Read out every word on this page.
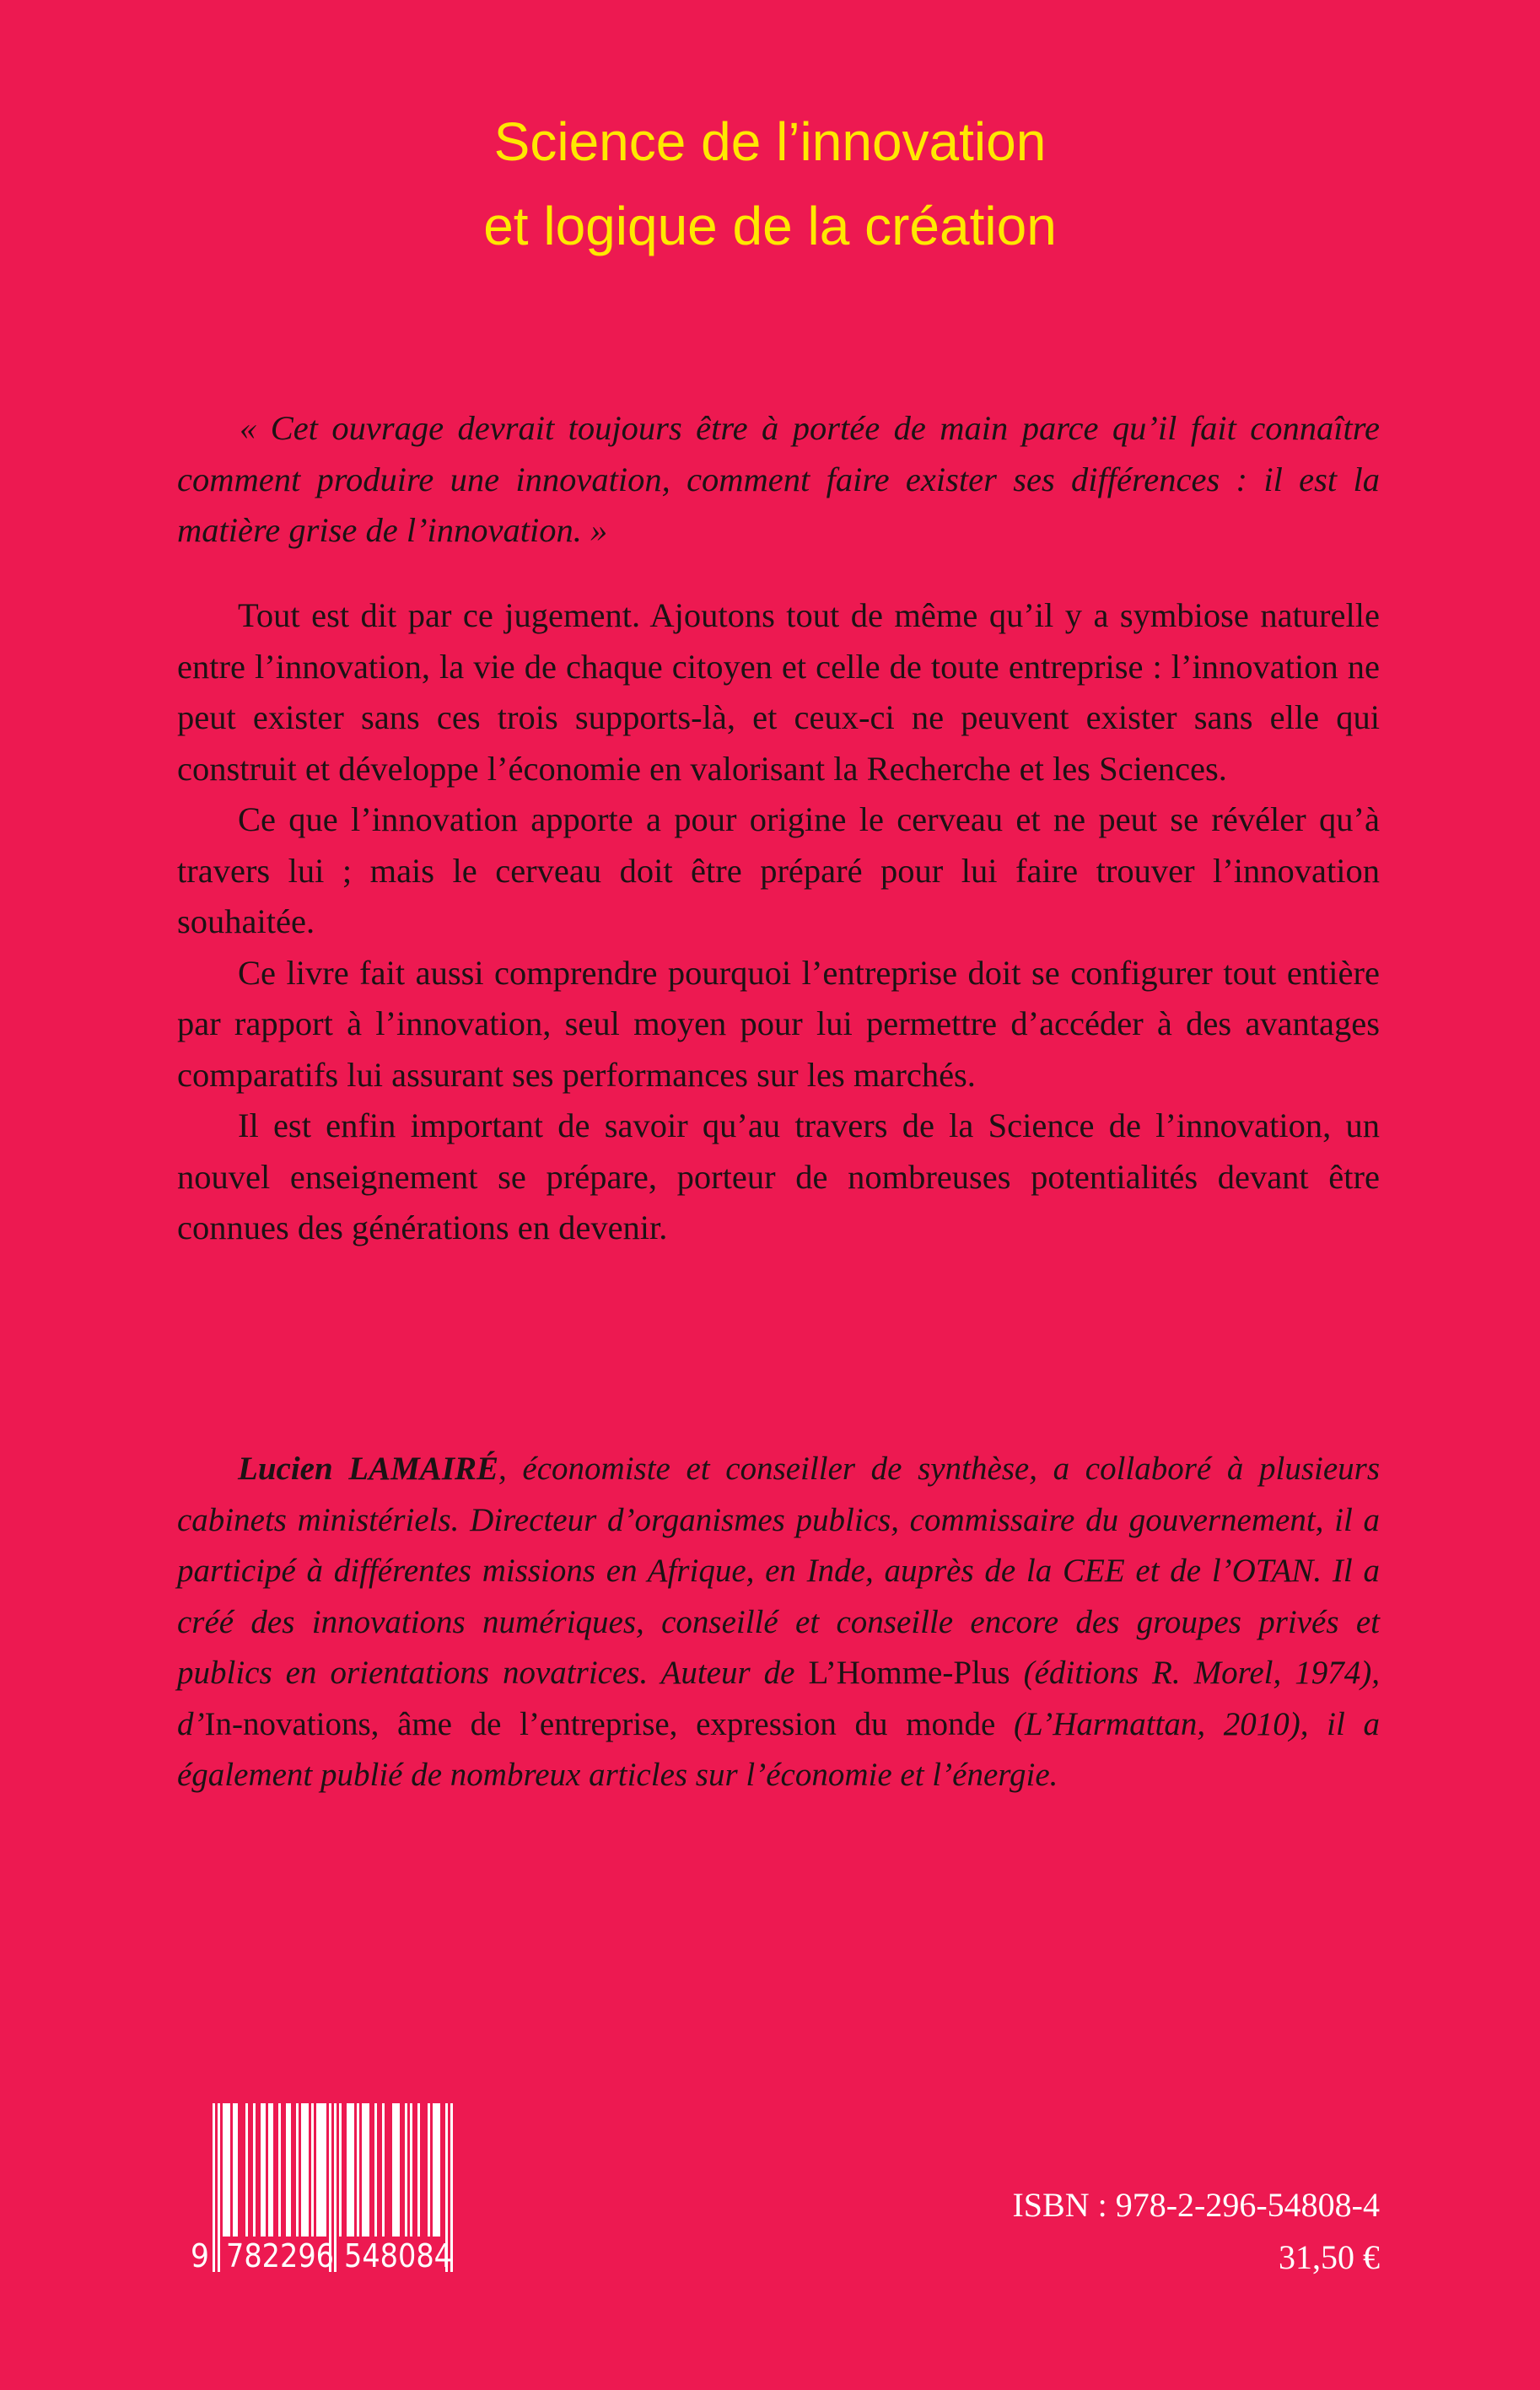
Science de l’innovation
et logique de la création
« Cet ouvrage devrait toujours être à portée de main parce qu’il fait connaître comment produire une innovation, comment faire exister ses différences : il est la matière grise de l’innovation. »

Tout est dit par ce jugement. Ajoutons tout de même qu’il y a symbiose naturelle entre l’innovation, la vie de chaque citoyen et celle de toute entreprise : l’innovation ne peut exister sans ces trois supports-là, et ceux-ci ne peuvent exister sans elle qui construit et développe l’économie en valorisant la Recherche et les Sciences.

Ce que l’innovation apporte a pour origine le cerveau et ne peut se révéler qu’à travers lui ; mais le cerveau doit être préparé pour lui faire trouver l’innovation souhaitée.

Ce livre fait aussi comprendre pourquoi l’entreprise doit se configurer tout entière par rapport à l’innovation, seul moyen pour lui permettre d’accéder à des avantages comparatifs lui assurant ses performances sur les marchés.

Il est enfin important de savoir qu’au travers de la Science de l’innovation, un nouvel enseignement se prépare, porteur de nombreuses potentialités devant être connues des générations en devenir.

Lucien LAMAIRÉ, économiste et conseiller de synthèse, a collaboré à plusieurs cabinets ministériels. Directeur d’organismes publics, commissaire du gouvernement, il a participé à différentes missions en Afrique, en Inde, auprès de la CEE et de l’OTAN. Il a créé des innovations numériques, conseillé et conseille encore des groupes privés et publics en orientations novatrices. Auteur de L’Homme-Plus (éditions R. Morel, 1974), d’In-novations, âme de l’entreprise, expression du monde (L’Harmattan, 2010), il a également publié de nombreux articles sur l’économie et l’énergie.
9 782296 548084
ISBN : 978-2-296-54808-4
31,50 €
